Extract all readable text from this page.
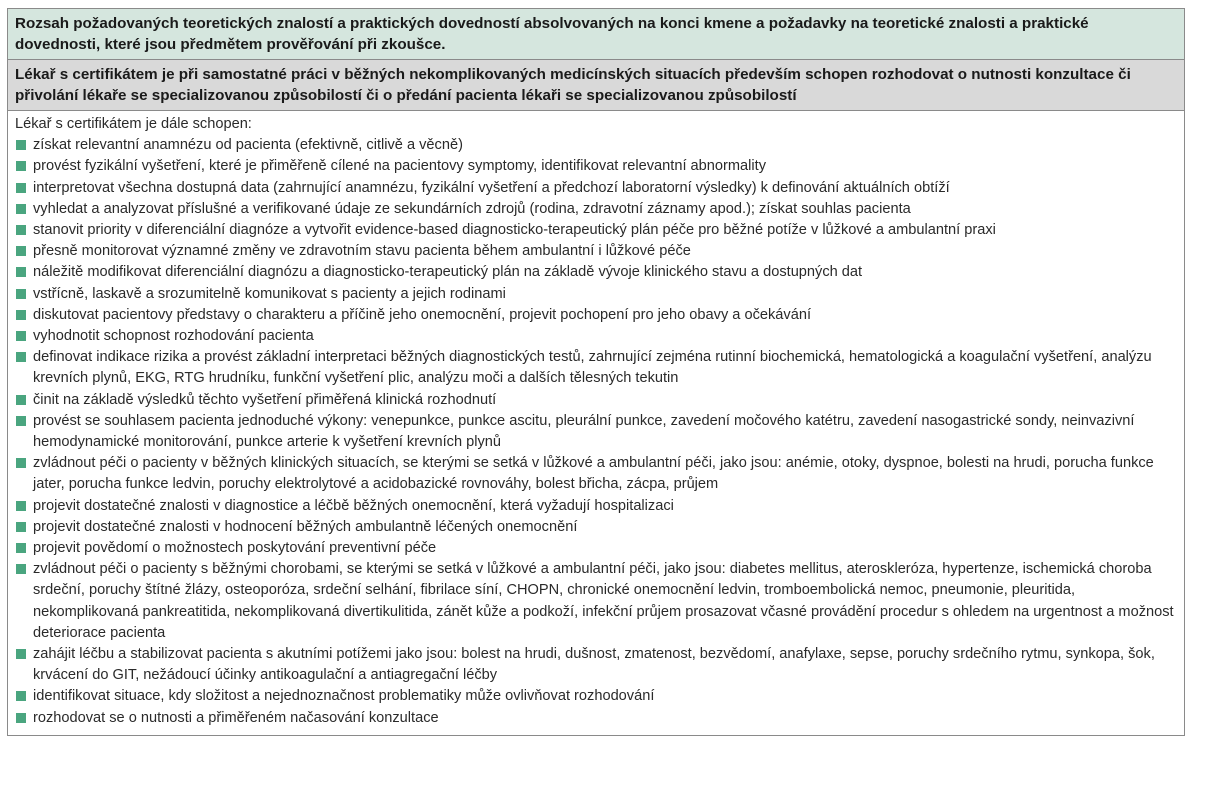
Rozsah požadovaných teoretických znalostí a praktických dovedností absolvovaných na konci kmene a požadavky na teoretické znalosti a praktické dovednosti, které jsou předmětem prověřování při zkoušce.
Lékař s certifikátem je při samostatné práci v běžných nekomplikovaných medicínských situacích především schopen rozhodovat o nutnosti konzultace či přivolání lékaře se specializovanou způsobilostí či o předání pacienta lékaři se specializovanou způsobilostí
Lékař s certifikátem je dále schopen:
získat relevantní anamnézu od pacienta (efektivně, citlivě a věcně)
provést fyzikální vyšetření, které je přiměřeně cílené na pacientovy symptomy, identifikovat relevantní abnormality
interpretovat všechna dostupná data (zahrnující anamnézu, fyzikální vyšetření a předchozí laboratorní výsledky) k definování aktuálních obtíží
vyhledat a analyzovat příslušné a verifikované údaje ze sekundárních zdrojů (rodina, zdravotní záznamy apod.); získat souhlas pacienta
stanovit priority v diferenciální diagnóze a vytvořit evidence-based diagnosticko-terapeutický plán péče pro běžné potíže v lůžkové a ambulantní praxi
přesně monitorovat významné změny ve zdravotním stavu pacienta během ambulantní i lůžkové péče
náležitě modifikovat diferenciální diagnózu a diagnosticko-terapeutický plán na základě vývoje klinického stavu a dostupných dat
vstřícně, laskavě a srozumitelně komunikovat s pacienty a jejich rodinami
diskutovat pacientovy představy o charakteru a příčině jeho onemocnění, projevit pochopení pro jeho obavy a očekávání
vyhodnotit schopnost rozhodování pacienta
definovat indikace rizika a provést základní interpretaci běžných diagnostických testů, zahrnující zejména rutinní biochemická, hematologická a koagulační vyšetření, analýzu krevních plynů, EKG, RTG hrudníku, funkční vyšetření plic, analýzu moči a dalších tělesných tekutin
činit na základě výsledků těchto vyšetření přiměřená klinická rozhodnutí
provést se souhlasem pacienta jednoduché výkony: venepunkce, punkce ascitu, pleurální punkce, zavedení močového katétru, zavedení nasogastrické sondy, neinvazivní hemodynamické monitorování, punkce arterie k vyšetření krevních plynů
zvládnout péči o pacienty v běžných klinických situacích, se kterými se setká v lůžkové a ambulantní péči, jako jsou: anémie, otoky, dyspnoe, bolesti na hrudi, porucha funkce jater, porucha funkce ledvin, poruchy elektrolytové a acidobazické rovnováhy, bolest břicha, zácpa, průjem
projevit dostatečné znalosti v diagnostice a léčbě běžných onemocnění, která vyžadují hospitalizaci
projevit dostatečné znalosti v hodnocení běžných ambulantně léčených onemocnění
projevit povědomí o možnostech poskytování preventivní péče
zvládnout péči o pacienty s běžnými chorobami, se kterými se setká v lůžkové a ambulantní péči, jako jsou: diabetes mellitus, ateroskleróza, hypertenze, ischemická choroba srdeční, poruchy štítné žlázy, osteoporóza, srdeční selhání, fibrilace síní, CHOPN, chronické onemocnění ledvin, tromboembolická nemoc, pneumonie, pleuritida, nekomplikovaná pankreatitida, nekomplikovaná divertikulitida, zánět kůže a podkoží, infekční průjem prosazovat včasné provádění procedur s ohledem na urgentnost a možnost deteriorace pacienta
zahájit léčbu a stabilizovat pacienta s akutními potížemi jako jsou: bolest na hrudi, dušnost, zmatenost, bezvědomí, anafylaxe, sepse, poruchy srdečního rytmu, synkopa, šok, krvácení do GIT, nežádoucí účinky antikoagulační a antiagregační léčby
identifikovat situace, kdy složitost a nejednoznačnost problematiky může ovlivňovat rozhodování
rozhodovat se o nutnosti a přiměřeném načasování konzultace
